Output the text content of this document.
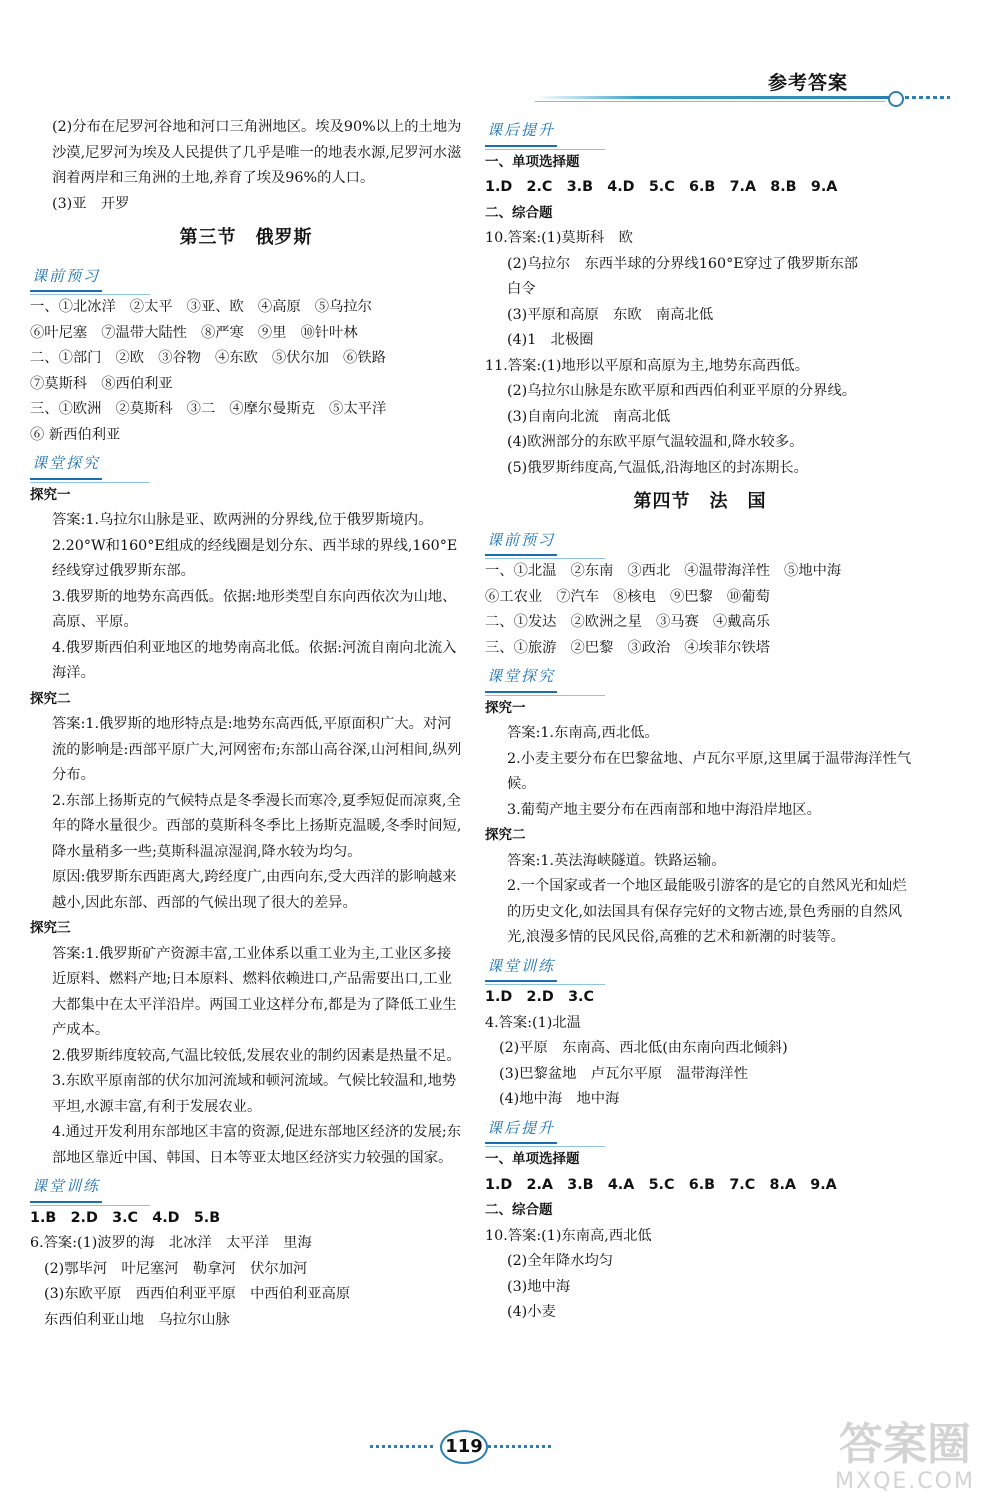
参考答案

(2)分布在尼罗河谷地和河口三角洲地区。埃及90%以上的土地为沙漠,尼罗河为埃及人民提供了几乎是唯一的地表水源,尼罗河水滋润着两岸和三角洲的土地,养育了埃及96%的人口。

(3)亚　开罗

第三节　俄罗斯
课前预习
一、①北冰洋 ②太平 ③亚、欧 ④高原 ⑤乌拉尔
⑥叶尼塞 ⑦温带大陆性 ⑧严寒 ⑨里 ⑩针叶林
二、①部门 ②欧 ③谷物 ④东欧 ⑤伏尔加 ⑥铁路
⑦莫斯科 ⑧西伯利亚
三、①欧洲 ②莫斯科 ③二 ④摩尔曼斯克 ⑤太平洋
⑥ 新西伯利亚
课堂探究
探究一

答案:1.乌拉尔山脉是亚、欧两洲的分界线,位于俄罗斯境内。

2.20°W和160°E组成的经线圈是划分东、西半球的界线,160°E经线穿过俄罗斯东部。

3.俄罗斯的地势东高西低。依据:地形类型自东向西依次为山地、高原、平原。

4.俄罗斯西伯利亚地区的地势南高北低。依据:河流自南向北流入海洋。

探究二

答案:1.俄罗斯的地形特点是:地势东高西低,平原面积广大。对河流的影响是:西部平原广大,河网密布;东部山高谷深,山河相间,纵列分布。

2.东部上扬斯克的气候特点是冬季漫长而寒冷,夏季短促而凉爽,全年的降水量很少。西部的莫斯科冬季比上扬斯克温暖,冬季时间短,降水量稍多一些;莫斯科温凉湿润,降水较为均匀。

原因:俄罗斯东西距离大,跨经度广,由西向东,受大西洋的影响越来越小,因此东部、西部的气候出现了很大的差异。

探究三

答案:1.俄罗斯矿产资源丰富,工业体系以重工业为主,工业区多接近原料、燃料产地;日本原料、燃料依赖进口,产品需要出口,工业大都集中在太平洋沿岸。两国工业这样分布,都是为了降低工业生产成本。

2.俄罗斯纬度较高,气温比较低,发展农业的制约因素是热量不足。

3.东欧平原南部的伏尔加河流域和顿河流域。气候比较温和,地势平坦,水源丰富,有利于发展农业。

4.通过开发利用东部地区丰富的资源,促进东部地区经济的发展;东部地区靠近中国、韩国、日本等亚太地区经济实力较强的国家。

课堂训练

1.B　2.D　3.C　4.D　5.B

6.答案:(1)波罗的海　北冰洋　太平洋　里海

(2)鄂毕河　叶尼塞河　勒拿河　伏尔加河

(3)东欧平原　西西伯利亚平原　中西伯利亚高原

东西伯利亚山地　乌拉尔山脉

课后提升
一、单项选择题

1.D　2.C　3.B　4.D　5.C　6.B　7.A　8.B　9.A

二、综合题

10.答案:(1)莫斯科　欧

(2)乌拉尔　东西半球的分界线160°E穿过了俄罗斯东部

白令

(3)平原和高原　东欧　南高北低

(4)1　北极圈

11.答案:(1)地形以平原和高原为主,地势东高西低。

(2)乌拉尔山脉是东欧平原和西西伯利亚平原的分界线。

(3)自南向北流　南高北低

(4)欧洲部分的东欧平原气温较温和,降水较多。

(5)俄罗斯纬度高,气温低,沿海地区的封冻期长。

第四节　法　国
课前预习
一、①北温 ②东南 ③西北 ④温带海洋性 ⑤地中海
⑥工农业 ⑦汽车 ⑧核电 ⑨巴黎 ⑩葡萄
二、①发达 ②欧洲之星 ③马赛 ④戴高乐
三、①旅游 ②巴黎 ③政治 ④埃菲尔铁塔
课堂探究
探究一

答案:1.东南高,西北低。

2.小麦主要分布在巴黎盆地、卢瓦尔平原,这里属于温带海洋性气候。

3.葡萄产地主要分布在西南部和地中海沿岸地区。

探究二

答案:1.英法海峡隧道。铁路运输。

2.一个国家或者一个地区最能吸引游客的是它的自然风光和灿烂的历史文化,如法国具有保存完好的文物古迹,景色秀丽的自然风光,浪漫多情的民风民俗,高雅的艺术和新潮的时装等。

课堂训练

1.D　2.D　3.C

4.答案:(1)北温

(2)平原　东南高、西北低(由东南向西北倾斜)

(3)巴黎盆地　卢瓦尔平原　温带海洋性

(4)地中海　地中海

课后提升
一、单项选择题

1.D　2.A　3.B　4.A　5.C　6.B　7.C　8.A　9.A

二、综合题

10.答案:(1)东南高,西北低

(2)全年降水均匀

(3)地中海

(4)小麦

119	答案圈
MXQE.COM
